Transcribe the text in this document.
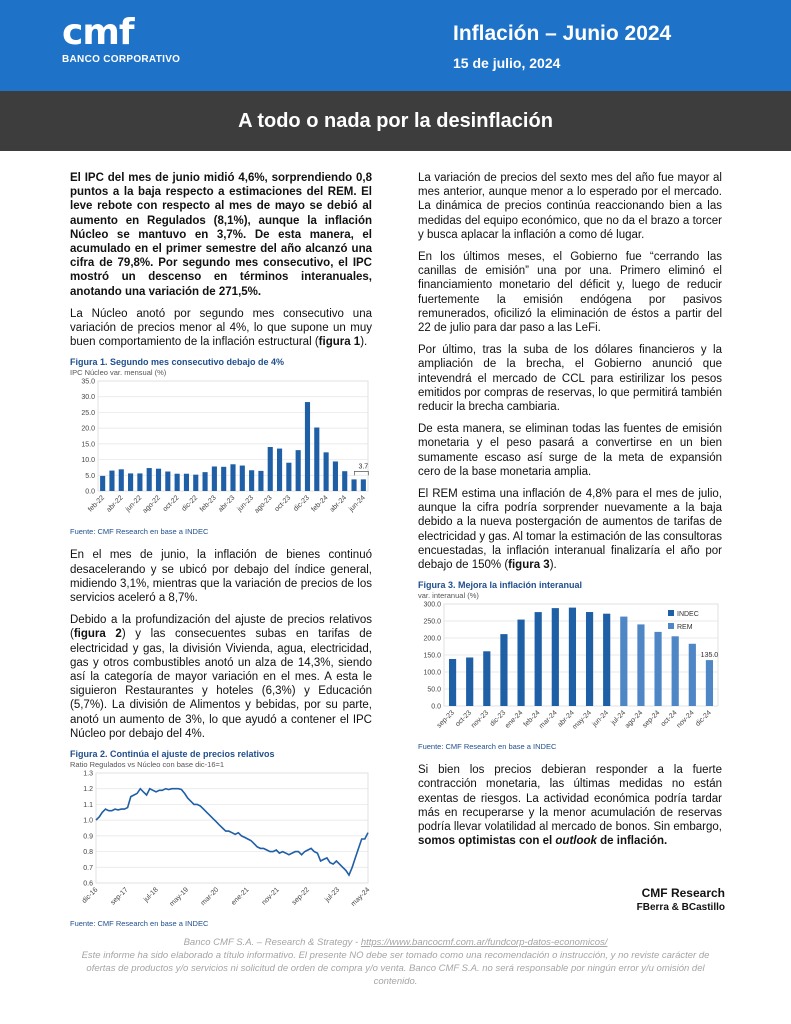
cmf
BANCO CORPORATIVO
Inflación – Junio 2024
15 de julio, 2024
A todo o nada por la desinflación

El IPC del mes de junio midió 4,6%, sorprendiendo 0,8 puntos a la baja respecto a estimaciones del REM. El leve rebote con respecto al mes de mayo se debió al aumento en Regulados (8,1%), aunque la inflación Núcleo se mantuvo en 3,7%. De esta manera, el acumulado en el primer semestre del año alcanzó una cifra de 79,8%. Por segundo mes consecutivo, el IPC mostró un descenso en términos interanuales, anotando una variación de 271,5%.

La Núcleo anotó por segundo mes consecutivo una variación de precios menor al 4%, lo que supone un muy buen comportamiento de la inflación estructural (figura 1).

Figura 1. Segundo mes consecutivo debajo de 4%
IPC Núcleo var. mensual (%)
0.0
5.0
10.0
15.0
20.0
25.0
30.0
35.0
feb-22 abr-22 jun-22
ago-22 oct-22 dic-22 feb-23 abr-23 jun-23
ago-23 oct-23 dic-23 feb-24 abr-24 jun-24
3.7
Fuente: CMF Research en base a INDEC

En el mes de junio, la inflación de bienes continuó desacelerando y se ubicó por debajo del índice general, midiendo 3,1%, mientras que la variación de precios de los servicios aceleró a 8,7%.

Debido a la profundización del ajuste de precios relativos (figura 2) y las consecuentes subas en tarifas de electricidad y gas, la división Vivienda, agua, electricidad, gas y otros combustibles anotó un alza de 14,3%, siendo así la categoría de mayor variación en el mes. A esta le siguieron Restaurantes y hoteles (6,3%) y Educación (5,7%). La división de Alimentos y bebidas, por su parte, anotó un aumento de 3%, lo que ayudó a contener el IPC Núcleo por debajo del 4%.

Figura 2. Continúa el ajuste de precios relativos
Ratio Regulados vs Núcleo con base dic-16=1
0.6
0.7
0.8
0.9
1.0
1.1
1.2
1.3
dic-16 sep-17 jul-18 may-19 mar-20 ene-21 nov-21 sep-22 jul-23 may-24
Fuente: CMF Research en base a INDEC

La variación de precios del sexto mes del año fue mayor al mes anterior, aunque menor a lo esperado por el mercado. La dinámica de precios continúa reaccionando bien a las medidas del equipo económico, que no da el brazo a torcer y busca aplacar la inflación a como dé lugar.

En los últimos meses, el Gobierno fue “cerrando las canillas de emisión” una por una. Primero eliminó el financiamiento monetario del déficit y, luego de reducir fuertemente la emisión endógena por pasivos remunerados, oficilizó la eliminación de éstos a partir del 22 de julio para dar paso a las LeFi.

Por último, tras la suba de los dólares financieros y la ampliación de la brecha, el Gobierno anunció que intevendrá el mercado de CCL para estirilizar los pesos emitidos por compras de reservas, lo que permitirá también reducir la brecha cambiaria.

De esta manera, se eliminan todas las fuentes de emisión monetaria y el peso pasará a convertirse en un bien sumamente escaso así surge de la meta de expansión cero de la base monetaria amplia.

El REM estima una inflación de 4,8% para el mes de julio, aunque la cifra podría sorprender nuevamente a la baja debido a la nueva postergación de aumentos de tarifas de electricidad y gas. Al tomar la estimación de las consultoras encuestadas, la inflación interanual finalizaría el año por debajo de 150% (figura 3).

Figura 3. Mejora la inflación interanual
var. interanual (%)
0.0
50.0
100.0
150.0
200.0
250.0
300.0
sep-23
oct-23
nov-23
dic-23
ene-24
feb-24
mar-24
abr-24
may-24
jun-24 jul-24
ago-24
sep-24
oct-24
nov-24
dic-24
135.0
INDEC
REM
Fuente: CMF Research en base a INDEC

Si bien los precios debieran responder a la fuerte contracción monetaria, las últimas medidas no están exentas de riesgos. La actividad económica podría tardar más en recuperarse y la menor acumulación de reservas podría llevar volatilidad al mercado de bonos. Sin embargo, somos optimistas con el outlook de inflación.

CMF Research
FBerra & BCastillo
Banco CMF S.A. – Research & Strategy - https://www.bancocmf.com.ar/fundcorp-datos-economicos/
Este informe ha sido elaborado a título informativo. El presente NO debe ser tomado como una recomendación o instrucción, y no reviste carácter de ofertas de productos y/o servicios ni solicitud de orden de compra y/o venta. Banco CMF S.A. no será responsable por ningún error y/u omisión del contenido.
